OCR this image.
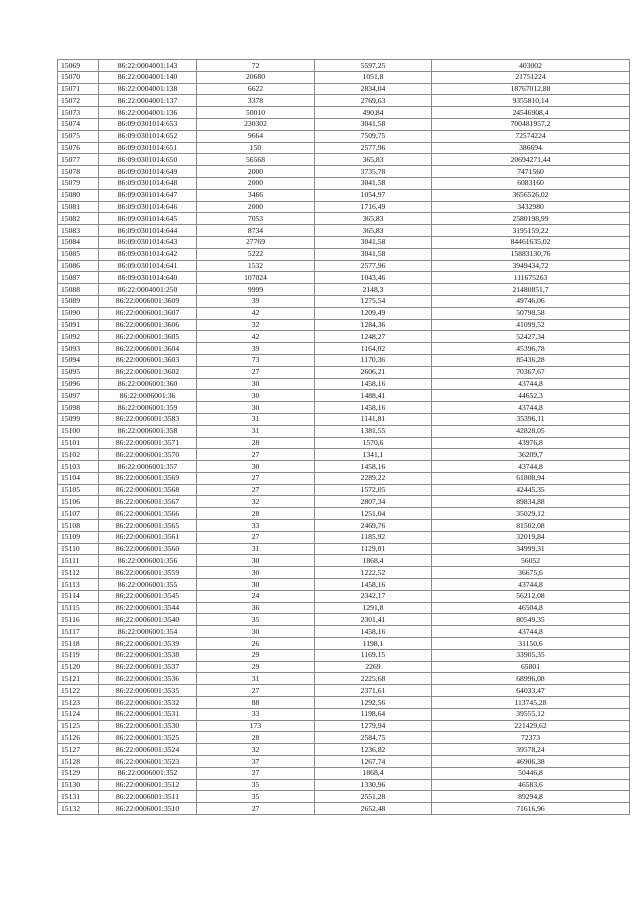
15069	86:22:0004001:143	72	5597,25	403002
15070	86:22:0004001:140	20680	1051,8	21751224
15071	86:22:0004001:138	6622	2834,04	18767012,88
15072	86:22:0004001:137	3378	2769,63	9355810,14
15073	86:22:0004001:136	50010	490,84	24546908,4
15074	86:09:0301014:653	230302	3041,58	700481957,2
15075	86:09:0301014:652	9664	7509,75	72574224
15076	86:09:0301014:651	150	2577,96	386694
15077	86:09:0301014:650	56568	365,83	20694271,44
15078	86:09:0301014:649	2000	3735,78	7471560
15079	86:09:0301014:648	2000	3041,58	6083160
15080	86:09:0301014:647	3466	1054,97	3656526,02
15081	86:09:0301014:646	2000	1716,49	3432980
15082	86:09:0301014:645	7053	365,83	2580198,99
15083	86:09:0301014:644	8734	365,83	3195159,22
15084	86:09:0301014:643	27769	3041,58	84461635,02
15085	86:09:0301014:642	5222	3041,58	15883130,76
15086	86:09:0301014:641	1532	2577,96	3949434,72
15087	86:09:0301014:640	107024	1043,46	111675263
15088	86:22:0004001:250	9999	2148,3	21480851,7
15089	86:22:0006001:3609	39	1275,54	49746,06
15090	86:22:0006001:3607	42	1209,49	50798,58
15091	86:22:0006001:3606	32	1284,36	41099,52
15092	86:22:0006001:3605	42	1248,27	52427,34
15093	86:22:0006001:3604	39	1164,02	45396,78
15094	86:22:0006001:3603	73	1170,36	85436,28
15095	86:22:0006001:3602	27	2606,21	70367,67
15096	86:22:0006001:360	30	1458,16	43744,8
15097	86:22:0006001:36	30	1488,41	44652,3
15098	86:22:0006001:359	30	1458,16	43744,8
15099	86:22:0006001:3583	31	1141,81	35396,11
15100	86:22:0006001:358	31	1381,55	42828,05
15101	86:22:0006001:3571	28	1570,6	43976,8
15102	86:22:0006001:3570	27	1341,1	36209,7
15103	86:22:0006001:357	30	1458,16	43744,8
15104	86:22:0006001:3569	27	2289,22	61808,94
15105	86:22:0006001:3568	27	1572,05	42445,35
15106	86:22:0006001:3567	32	2807,34	89834,88
15107	86:22:0006001:3566	28	1251,04	35029,12
15108	86:22:0006001:3565	33	2469,76	81502,08
15109	86:22:0006001:3561	27	1185,92	32019,84
15110	86:22:0006001:3560	31	1129,01	34999,31
15111	86:22:0006001:356	30	1868,4	56052
15112	86:22:0006001:3559	30	1222,52	36675,6
15113	86:22:0006001:355	30	1458,16	43744,8
15114	86:22:0006001:3545	24	2342,17	56212,08
15115	86:22:0006001:3544	36	1291,8	46504,8
15116	86:22:0006001:3540	35	2301,41	80549,35
15117	86:22:0006001:354	30	1458,16	43744,8
15118	86:22:0006001:3539	26	1198,1	31150,6
15119	86:22:0006001:3538	29	1169,15	33905,35
15120	86:22:0006001:3537	29	2269	65801
15121	86:22:0006001:3536	31	2225,68	68996,08
15122	86:22:0006001:3535	27	2371,61	64033,47
15123	86:22:0006001:3532	88	1292,56	113745,28
15124	86:22:0006001:3531	33	1198,64	39555,12
15125	86:22:0006001:3530	173	1279,94	221429,62
15126	86:22:0006001:3525	28	2584,75	72373
15127	86:22:0006001:3524	32	1236,82	39578,24
15128	86:22:0006001:3523	37	1267,74	46906,38
15129	86:22:0006001:352	27	1868,4	50446,8
15130	86:22:0006001:3512	35	1330,96	46583,6
15131	86:22:0006001:3511	35	2551,28	89294,8
15132	86:22:0006001:3510	27	2652,48	71616,96
